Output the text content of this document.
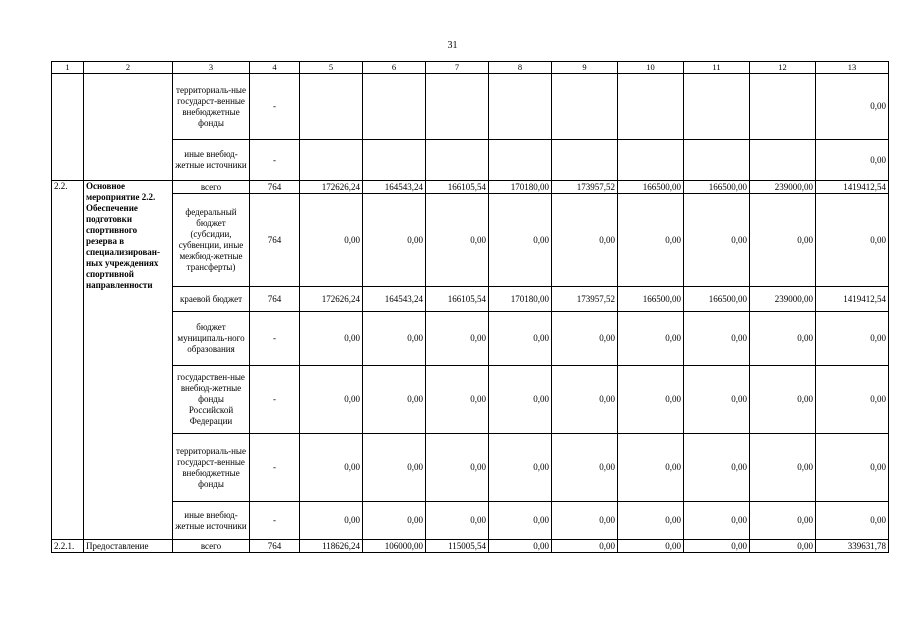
31
1	2	3	4	5	6	7	8	9	10	11	12	13
		территориаль-ные государст-венные внебюджетные фонды	-									0,00
		иные внебюд-жетные источники	-									0,00
2.2.	Основное мероприятие 2.2. Обеспечение подготовки спортивного резерва в специализирован-ных учреждениях спортивной направленности	всего	764	172626,24	164543,24	166105,54	170180,00	173957,52	166500,00	166500,00	239000,00	1419412,54
		федеральный бюджет (субсидии, субвенции, иные межбюд-жетные трансферты)	764	0,00	0,00	0,00	0,00	0,00	0,00	0,00	0,00	0,00
		краевой бюджет	764	172626,24	164543,24	166105,54	170180,00	173957,52	166500,00	166500,00	239000,00	1419412,54
		бюджет муниципаль-ного образования	-	0,00	0,00	0,00	0,00	0,00	0,00	0,00	0,00	0,00
		государствен-ные внебюд-жетные фонды Российской Федерации	-	0,00	0,00	0,00	0,00	0,00	0,00	0,00	0,00	0,00
		территориаль-ные государст-венные внебюджетные фонды	-	0,00	0,00	0,00	0,00	0,00	0,00	0,00	0,00	0,00
		иные внебюд-жетные источники	-	0,00	0,00	0,00	0,00	0,00	0,00	0,00	0,00	0,00
2.2.1.	Предоставление	всего	764	118626,24	106000,00	115005,54	0,00	0,00	0,00	0,00	0,00	339631,78
